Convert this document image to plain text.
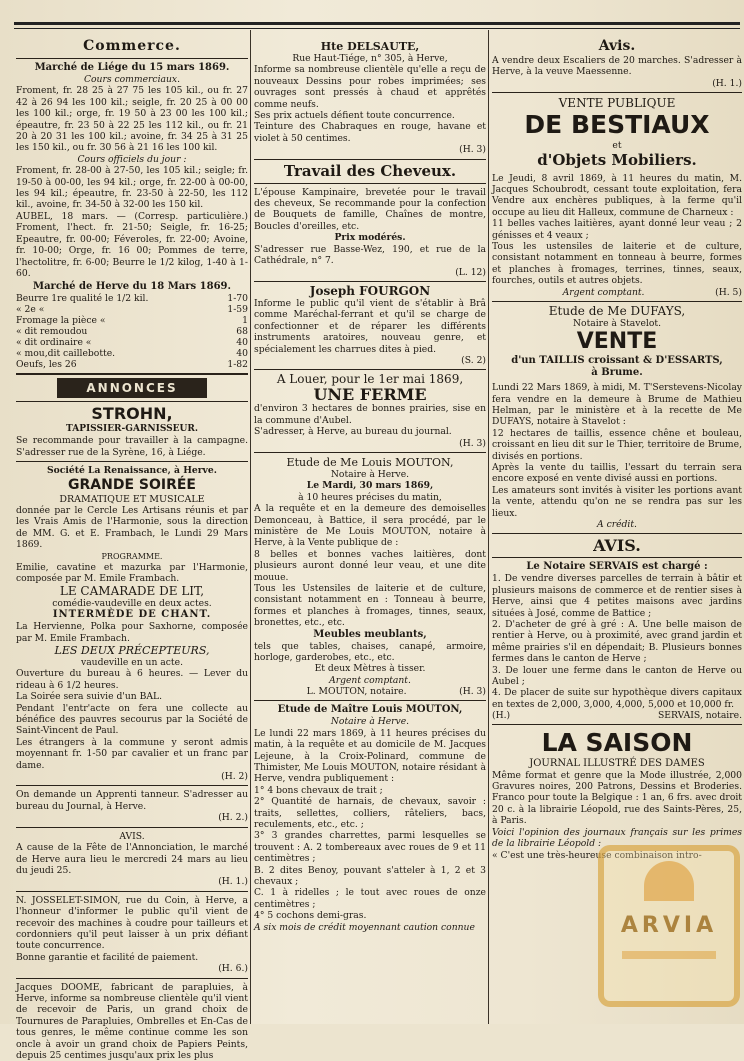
Commerce.
Marché de Liége du 15 mars 1869.

Cours commerciaux.

Froment, fr. 28 25 à 27 75 les 105 kil., ou fr. 27 42 à 26 94 les 100 kil.; seigle, fr. 20 25 à 00 00 les 100 kil.; orge, fr. 19 50 à 23 00 les 100 kil.; épeautre, fr. 23 50 à 22 25 les 112 kil., ou fr. 21 20 à 20 31 les 100 kil.; avoine, fr. 34 25 à 31 25 les 150 kil., ou fr. 30 56 à 21 16 les 100 kil.

Cours officiels du jour :

Froment, fr. 28-00 à 27-50, les 105 kil.; seigle; fr. 19-50 à 00-00, les 94 kil.; orge, fr. 22-00 à 00-00, les 94 kil.; épeautre, fr. 23-50 à 22-50, les 112 kil., avoine, fr. 34-50 à 32-00 les 150 kil.

AUBEL, 18 mars. — (Corresp. particulière.) Froment, l'hect. fr. 21-50; Seigle, fr. 16-25; Epeautre, fr. 00-00; Féveroles, fr. 22-00; Avoine, fr. 10-00; Orge, fr. 16 00; Pommes de terre, l'hectolitre, fr. 6-00; Beurre le 1/2 kilog, 1-40 à 1-60.

Marché de Herve du 18 Mars 1869.
Beurre 1re qualité le 1/2 kil.	1-70
« 2e «	1-59
Fromage la pièce «	1
« dit remoudou	68
« dit ordinaire «	40
« mou,dit caillebotte.	40
Oeufs, les 26	1-82
ANNONCES
STROHN,
TAPISSIER-GARNISSEUR.

Se recommande pour travailler à la campagne. S'adresser rue de la Syrène, 16, à Liége.

Société La Renaissance, à Herve.

GRANDE SOIRÉE

DRAMATIQUE ET MUSICALE

donnée par le Cercle Les Artisans réunis et par les Vrais Amis de l'Harmonie, sous la direction de MM. G. et E. Frambach, le Lundi 29 Mars 1869.

PROGRAMME.

Emilie, cavatine et mazurka par l'Harmonie, composée par M. Emile Frambach.

LE CAMARADE DE LIT,

comédie-vaudeville en deux actes.

INTERMÈDE DE CHANT.

La Hervienne, Polka pour Saxhorne, composée par M. Emile Frambach.

LES DEUX PRÉCEPTEURS,

vaudeville en un acte.

Ouverture du bureau à 6 heures. — Lever du rideau à 6 1/2 heures.

La Soirée sera suivie d'un BAL.

Pendant l'entr'acte on fera une collecte au bénéfice des pauvres secourus par la Société de Saint-Vincent de Paul.

Les étrangers à la commune y seront admis moyennant fr. 1-50 par cavalier et un franc par dame.

(H. 2)

On demande un Apprenti tanneur. S'adresser au bureau du Journal, à Herve.

(H. 2.)

AVIS.

A cause de la Fête de l'Annonciation, le marché de Herve aura lieu le mercredi 24 mars au lieu du jeudi 25.

(H. 1.)

N. JOSSELET-SIMON, rue du Coin, à Herve, a l'honneur d'informer le public qu'il vient de recevoir des machines à coudre pour tailleurs et cordonniers qu'il peut laisser à un prix défiant toute concurrence.

Bonne garantie et facilité de paiement.

(H. 6.)

Jacques DOOME, fabricant de parapluies, à Herve, informe sa nombreuse clientèle qu'il vient de recevoir de Paris, un grand choix de Tournures de Parapluies, Ombrelles et En-Cas de tous genres, le même continue comme les son oncle à avoir un grand choix de Papiers Peints, depuis 25 centimes jusqu'aux prix les plus

Hte DELSAUTE,

Rue Haut-Tiége, n° 305, à Herve,

Informe sa nombreuse clientèle qu'elle a reçu de nouveaux Dessins pour robes imprimées; ses ouvrages sont pressés à chaud et apprêtés comme neufs.

Ses prix actuels défient toute concurrence.

Teinture des Chabraques en rouge, havane et violet à 50 centimes.

(H. 3)

Travail des Cheveux.

L'épouse Kampinaire, brevetée pour le travail des cheveux, Se recommande pour la confection de Bouquets de famille, Chaînes de montre, Boucles d'oreilles, etc.

Prix modérés.

S'adresser rue Basse-Wez, 190, et rue de la Cathédrale, n° 7.

(L. 12)

Joseph FOURGON

Informe le public qu'il vient de s'établir à Brâ comme Maréchal-ferrant et qu'il se charge de confectionner et de réparer les différents instruments aratoires, nouveau genre, et spécialement les charrues dites à pied.

(S. 2)

A Louer, pour le 1er mai 1869,
UNE FERME

d'environ 3 hectares de bonnes prairies, sise en la commune d'Aubel.

S'adresser, à Herve, au bureau du journal.

(H. 3)

Etude de Me Louis MOUTON,

Notaire à Herve.

Le Mardi, 30 mars 1869,

à 10 heures précises du matin,

A la requête et en la demeure des demoiselles Demonceau, à Battice, il sera procédé, par le ministère de Me Louis MOUTON, notaire à Herve, à la Vente publique de :

8 belles et bonnes vaches laitières, dont plusieurs auront donné leur veau, et une dite mouue.

Tous les Ustensiles de laiterie et de culture, consistant notamment en : Tonneau à beurre, formes et planches à fromages, tinnes, seaux, bronettes, etc., etc.

Meubles meublants,

tels que tables, chaises, canapé, armoire, horloge, garderobes, etc., etc.

Et deux Mètres à tisser.

Argent comptant.

L. MOUTON, notaire.	(H. 3)
Etude de Maître Louis MOUTON,

Notaire à Herve.

Le lundi 22 mars 1869, à 11 heures précises du matin, à la requête et au domicile de M. Jacques Lejeune, à la Croix-Polinard, commune de Thimister, Me Louis MOUTON, notaire résidant à Herve, vendra publiquement :

1° 4 bons chevaux de trait ;

2° Quantité de harnais, de chevaux, savoir : traits, sellettes, colliers, râteliers, bacs, reculements, etc., etc. ;

3° 3 grandes charrettes, parmi lesquelles se trouvent : A. 2 tombereaux avec roues de 9 et 11 centimètres ;

B. 2 dites Benoy, pouvant s'atteler à 1, 2 et 3 chevaux ;

C. 1 à ridelles ; le tout avec roues de onze centimètres ;

4° 5 cochons demi-gras.

A six mois de crédit moyennant caution connue

Avis.

A vendre deux Escaliers de 20 marches. S'adresser à Herve, à la veuve Maessenne.

(H. 1.)

VENTE PUBLIQUE
DE BESTIAUX

et

d'Objets Mobiliers.

Le Jeudi, 8 avril 1869, à 11 heures du matin, M. Jacques Schoubrodt, cessant toute exploitation, fera Vendre aux enchères publiques, à la ferme qu'il occupe au lieu dit Halleux, commune de Charneux :

11 belles vaches laitières, ayant donné leur veau ; 2 génisses et 4 veaux ;

Tous les ustensiles de laiterie et de culture, consistant notamment en tonneau à beurre, formes et planches à fromages, terrines, tinnes, seaux, fourches, outils et autres objets.

Argent comptant.	(H. 5)
Etude de Me DUFAYS,

Notaire à Stavelot.

VENTE
d'un TAILLIS croissant & D'ESSARTS,
à Brume.

Lundi 22 Mars 1869, à midi, M. T'Serstevens-Nicolay fera vendre en la demeure à Brume de Mathieu Helman, par le ministère et à la recette de Me DUFAYS, notaire à Stavelot :

12 hectares de taillis, essence chêne et bouleau, croissant en lieu dit sur le Thier, territoire de Brume, divisés en portions.

Après la vente du taillis, l'essart du terrain sera encore exposé en vente divisé aussi en portions.

Les amateurs sont invités à visiter les portions avant la vente, attendu qu'on ne se rendra pas sur les lieux.

A crédit.

AVIS.
Le Notaire SERVAIS est chargé :

1. De vendre diverses parcelles de terrain à bâtir et plusieurs maisons de commerce et de rentier sises à Herve, ainsi que 4 petites maisons avec jardins situées à José, comme de Battice ;

2. D'acheter de gré à gré : A. Une belle maison de rentier à Herve, ou à proximité, avec grand jardin et même prairies s'il en dépendait; B. Plusieurs bonnes fermes dans le canton de Herve ;

3. De louer une ferme dans le canton de Herve ou Aubel ;

4. De placer de suite sur hypothèque divers capitaux en textes de 2,000, 3,000, 4,000, 5,000 et 10,000 fr.

(H.)	SERVAIS, notaire.
LA SAISON

JOURNAL ILLUSTRÉ DES DAMES

Même format et genre que la Mode illustrée, 2,000 Gravures noires, 200 Patrons, Dessins et Broderies. Franco pour toute la Belgique : 1 an, 6 frs. avec droit 20 c. à la librairie Léopold, rue des Saints-Pères, 25, à Paris.

Voici l'opinion des journaux français sur les primes de la librairie Léopold :

« C'est une très-heureuse combinaison intro-

ARVIA
